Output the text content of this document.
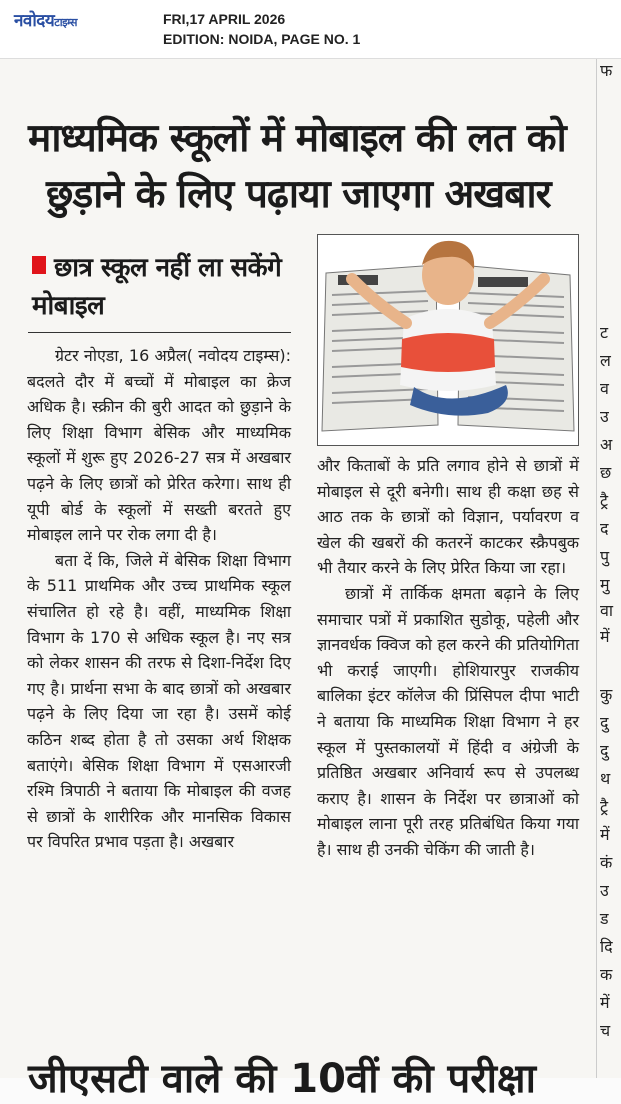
नवोदयटाइम्स	FRI,17 APRIL 2026
EDITION: NOIDA, PAGE NO. 1
माध्यमिक स्कूलों में मोबाइल की लत को
छुड़ाने के लिए पढ़ाया जाएगा अखबार
छात्र स्कूल नहीं ला सकेंगे मोबाइल

ग्रेटर नोएडा, 16 अप्रैल( नवोदय टाइम्स): बदलते दौर में बच्चों में मोबाइल का क्रेज अधिक है। स्क्रीन की बुरी आदत को छुड़ाने के लिए शिक्षा विभाग बेसिक और माध्यमिक स्कूलों में शुरू हुए 2026-27 सत्र में अखबार पढ़ने के लिए छात्रों को प्रेरित करेगा। साथ ही यूपी बोर्ड के स्कूलों में सख्ती बरतते हुए मोबाइल लाने पर रोक लगा दी है।

बता दें कि, जिले में बेसिक शिक्षा विभाग के 511 प्राथमिक और उच्च प्राथमिक स्कूल संचालित हो रहे है। वहीं, माध्यमिक शिक्षा विभाग के 170 से अधिक स्कूल है। नए सत्र को लेकर शासन की तरफ से दिशा-निर्देश दिए गए है। प्रार्थना सभा के बाद छात्रों को अखबार पढ़ने के लिए दिया जा रहा है। उसमें कोई कठिन शब्द होता है तो उसका अर्थ शिक्षक बताएंगे। बेसिक शिक्षा विभाग में एसआरजी रश्मि त्रिपाठी ने बताया कि मोबाइल की वजह से छात्रों के शारीरिक और मानसिक विकास पर विपरित प्रभाव पड़ता है। अखबार

और किताबों के प्रति लगाव होने से छात्रों में मोबाइल से दूरी बनेगी। साथ ही कक्षा छह से आठ तक के छात्रों को विज्ञान, पर्यावरण व खेल की खबरों की कतरनें काटकर स्क्रैपबुक भी तैयार करने के लिए प्रेरित किया जा रहा।

छात्रों में तार्किक क्षमता बढ़ाने के लिए समाचार पत्रों में प्रकाशित सुडोकू, पहेली और ज्ञानवर्धक क्विज को हल करने की प्रतियोगिता भी कराई जाएगी। होशियारपुर राजकीय बालिका इंटर कॉलेज की प्रिंसिपल दीपा भाटी ने बताया कि माध्यमिक शिक्षा विभाग ने हर स्कूल में पुस्तकालयों में हिंदी व अंग्रेजी के प्रतिष्ठित अखबार अनिवार्य रूप से उपलब्ध कराए है। शासन के निर्देश पर छात्राओं को मोबाइल लाना पूरी तरह प्रतिबंधित किया गया है। साथ ही उनकी चेकिंग की जाती है।

फ
ट
ल
व
उ
अ
छ
ट्रै
द
पु
मु
वा
में
कु
दु
दु
थ
ट्रै
में
कं
उ
ड
दि
क
में
च
जीएसटी वाले की 10वीं की परीक्षा
